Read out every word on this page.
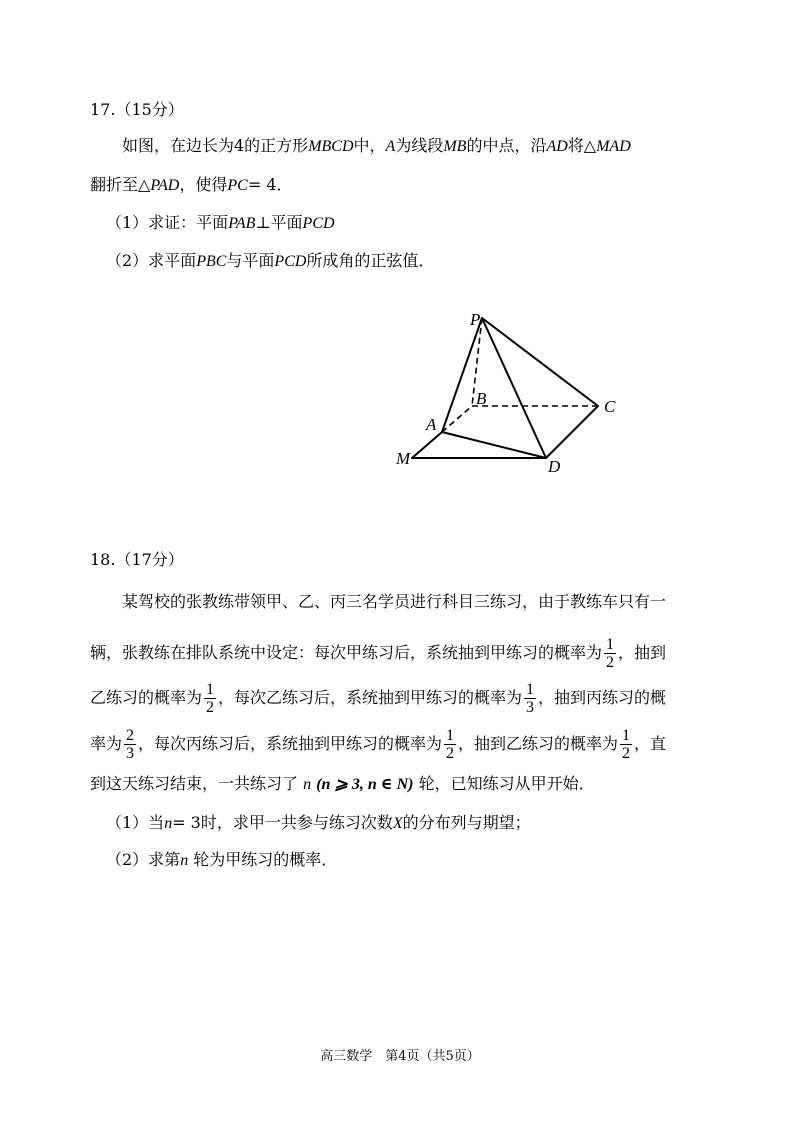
17.（15分）
如图，在边长为4的正方形MBCD中，A为线段MB的中点，沿AD将△MAD
翻折至△PAD，使得PC= 4．
（1）求证：平面PAB⊥平面PCD
（2）求平面PBC与平面PCD所成角的正弦值．
P
B	C
A
M	D
18.（17分）
某驾校的张教练带领甲、乙、丙三名学员进行科目三练习，由于教练车只有一
辆，张教练在排队系统中设定：每次甲练习后，系统抽到甲练习的概率为 $\frac{1}{2}$ ，抽到
乙练习的概率为 $\frac{1}{2}$ ，每次乙练习后，系统抽到甲练习的概率为 $\frac{1}{3}$ ，抽到丙练习的概
率为 $\frac{2}{3}$ ，每次丙练习后，系统抽到甲练习的概率为 $\frac{1}{2}$ ，抽到乙练习的概率为 $\frac{1}{2}$ ，直
到这天练习结束，一共练习了 n (n ⩾ 3, n ∈ N) 轮，已知练习从甲开始．
（1）当n= 3时，求甲一共参与练习次数X的分布列与期望；
（2）求第n 轮为甲练习的概率．
高三数学　第4页（共5页）
